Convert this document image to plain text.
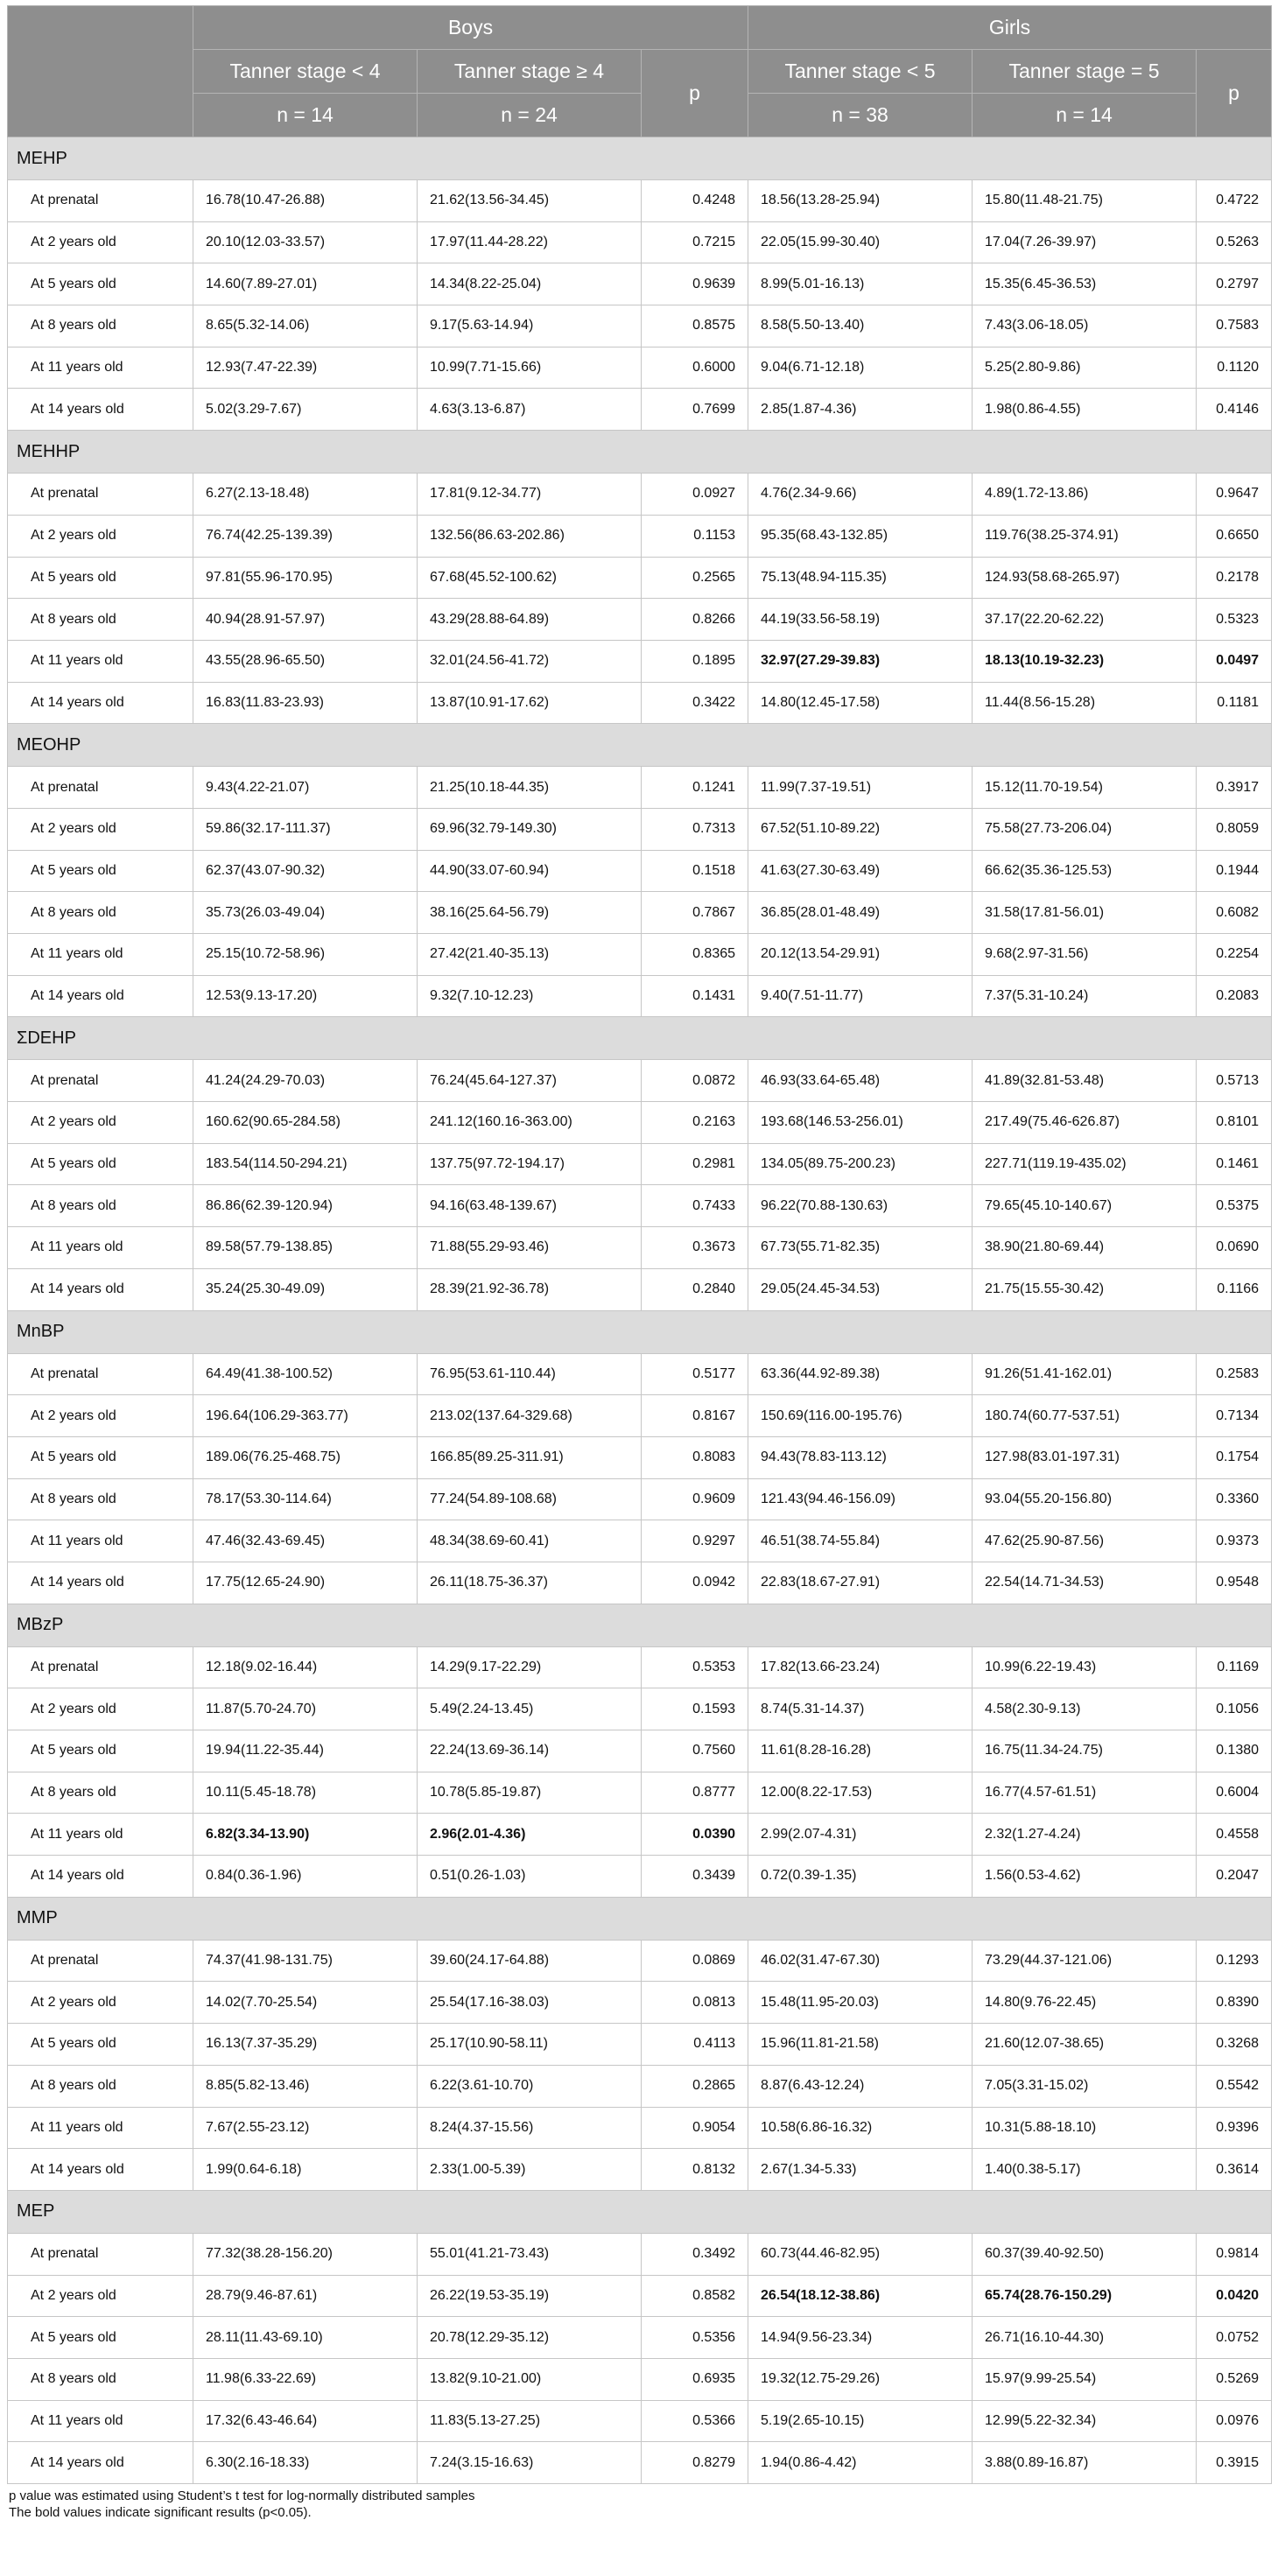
	Boys			Girls		
	Tanner stage < 4	Tanner stage ≥ 4	p	Tanner stage < 5	Tanner stage = 5	p
	n = 14	n = 24		n = 38	n = 14	
MEHP						
At prenatal	16.78(10.47-26.88)	21.62(13.56-34.45)	0.4248	18.56(13.28-25.94)	15.80(11.48-21.75)	0.4722
At 2 years old	20.10(12.03-33.57)	17.97(11.44-28.22)	0.7215	22.05(15.99-30.40)	17.04(7.26-39.97)	0.5263
At 5 years old	14.60(7.89-27.01)	14.34(8.22-25.04)	0.9639	8.99(5.01-16.13)	15.35(6.45-36.53)	0.2797
At 8 years old	8.65(5.32-14.06)	9.17(5.63-14.94)	0.8575	8.58(5.50-13.40)	7.43(3.06-18.05)	0.7583
At 11 years old	12.93(7.47-22.39)	10.99(7.71-15.66)	0.6000	9.04(6.71-12.18)	5.25(2.80-9.86)	0.1120
At 14 years old	5.02(3.29-7.67)	4.63(3.13-6.87)	0.7699	2.85(1.87-4.36)	1.98(0.86-4.55)	0.4146
MEHHP						
At prenatal	6.27(2.13-18.48)	17.81(9.12-34.77)	0.0927	4.76(2.34-9.66)	4.89(1.72-13.86)	0.9647
At 2 years old	76.74(42.25-139.39)	132.56(86.63-202.86)	0.1153	95.35(68.43-132.85)	119.76(38.25-374.91)	0.6650
At 5 years old	97.81(55.96-170.95)	67.68(45.52-100.62)	0.2565	75.13(48.94-115.35)	124.93(58.68-265.97)	0.2178
At 8 years old	40.94(28.91-57.97)	43.29(28.88-64.89)	0.8266	44.19(33.56-58.19)	37.17(22.20-62.22)	0.5323
At 11 years old	43.55(28.96-65.50)	32.01(24.56-41.72)	0.1895	32.97(27.29-39.83)	18.13(10.19-32.23)	0.0497
At 14 years old	16.83(11.83-23.93)	13.87(10.91-17.62)	0.3422	14.80(12.45-17.58)	11.44(8.56-15.28)	0.1181
MEOHP						
At prenatal	9.43(4.22-21.07)	21.25(10.18-44.35)	0.1241	11.99(7.37-19.51)	15.12(11.70-19.54)	0.3917
At 2 years old	59.86(32.17-111.37)	69.96(32.79-149.30)	0.7313	67.52(51.10-89.22)	75.58(27.73-206.04)	0.8059
At 5 years old	62.37(43.07-90.32)	44.90(33.07-60.94)	0.1518	41.63(27.30-63.49)	66.62(35.36-125.53)	0.1944
At 8 years old	35.73(26.03-49.04)	38.16(25.64-56.79)	0.7867	36.85(28.01-48.49)	31.58(17.81-56.01)	0.6082
At 11 years old	25.15(10.72-58.96)	27.42(21.40-35.13)	0.8365	20.12(13.54-29.91)	9.68(2.97-31.56)	0.2254
At 14 years old	12.53(9.13-17.20)	9.32(7.10-12.23)	0.1431	9.40(7.51-11.77)	7.37(5.31-10.24)	0.2083
ΣDEHP						
At prenatal	41.24(24.29-70.03)	76.24(45.64-127.37)	0.0872	46.93(33.64-65.48)	41.89(32.81-53.48)	0.5713
At 2 years old	160.62(90.65-284.58)	241.12(160.16-363.00)	0.2163	193.68(146.53-256.01)	217.49(75.46-626.87)	0.8101
At 5 years old	183.54(114.50-294.21)	137.75(97.72-194.17)	0.2981	134.05(89.75-200.23)	227.71(119.19-435.02)	0.1461
At 8 years old	86.86(62.39-120.94)	94.16(63.48-139.67)	0.7433	96.22(70.88-130.63)	79.65(45.10-140.67)	0.5375
At 11 years old	89.58(57.79-138.85)	71.88(55.29-93.46)	0.3673	67.73(55.71-82.35)	38.90(21.80-69.44)	0.0690
At 14 years old	35.24(25.30-49.09)	28.39(21.92-36.78)	0.2840	29.05(24.45-34.53)	21.75(15.55-30.42)	0.1166
MnBP						
At prenatal	64.49(41.38-100.52)	76.95(53.61-110.44)	0.5177	63.36(44.92-89.38)	91.26(51.41-162.01)	0.2583
At 2 years old	196.64(106.29-363.77)	213.02(137.64-329.68)	0.8167	150.69(116.00-195.76)	180.74(60.77-537.51)	0.7134
At 5 years old	189.06(76.25-468.75)	166.85(89.25-311.91)	0.8083	94.43(78.83-113.12)	127.98(83.01-197.31)	0.1754
At 8 years old	78.17(53.30-114.64)	77.24(54.89-108.68)	0.9609	121.43(94.46-156.09)	93.04(55.20-156.80)	0.3360
At 11 years old	47.46(32.43-69.45)	48.34(38.69-60.41)	0.9297	46.51(38.74-55.84)	47.62(25.90-87.56)	0.9373
At 14 years old	17.75(12.65-24.90)	26.11(18.75-36.37)	0.0942	22.83(18.67-27.91)	22.54(14.71-34.53)	0.9548
MBzP						
At prenatal	12.18(9.02-16.44)	14.29(9.17-22.29)	0.5353	17.82(13.66-23.24)	10.99(6.22-19.43)	0.1169
At 2 years old	11.87(5.70-24.70)	5.49(2.24-13.45)	0.1593	8.74(5.31-14.37)	4.58(2.30-9.13)	0.1056
At 5 years old	19.94(11.22-35.44)	22.24(13.69-36.14)	0.7560	11.61(8.28-16.28)	16.75(11.34-24.75)	0.1380
At 8 years old	10.11(5.45-18.78)	10.78(5.85-19.87)	0.8777	12.00(8.22-17.53)	16.77(4.57-61.51)	0.6004
At 11 years old	6.82(3.34-13.90)	2.96(2.01-4.36)	0.0390	2.99(2.07-4.31)	2.32(1.27-4.24)	0.4558
At 14 years old	0.84(0.36-1.96)	0.51(0.26-1.03)	0.3439	0.72(0.39-1.35)	1.56(0.53-4.62)	0.2047
MMP						
At prenatal	74.37(41.98-131.75)	39.60(24.17-64.88)	0.0869	46.02(31.47-67.30)	73.29(44.37-121.06)	0.1293
At 2 years old	14.02(7.70-25.54)	25.54(17.16-38.03)	0.0813	15.48(11.95-20.03)	14.80(9.76-22.45)	0.8390
At 5 years old	16.13(7.37-35.29)	25.17(10.90-58.11)	0.4113	15.96(11.81-21.58)	21.60(12.07-38.65)	0.3268
At 8 years old	8.85(5.82-13.46)	6.22(3.61-10.70)	0.2865	8.87(6.43-12.24)	7.05(3.31-15.02)	0.5542
At 11 years old	7.67(2.55-23.12)	8.24(4.37-15.56)	0.9054	10.58(6.86-16.32)	10.31(5.88-18.10)	0.9396
At 14 years old	1.99(0.64-6.18)	2.33(1.00-5.39)	0.8132	2.67(1.34-5.33)	1.40(0.38-5.17)	0.3614
MEP						
At prenatal	77.32(38.28-156.20)	55.01(41.21-73.43)	0.3492	60.73(44.46-82.95)	60.37(39.40-92.50)	0.9814
At 2 years old	28.79(9.46-87.61)	26.22(19.53-35.19)	0.8582	26.54(18.12-38.86)	65.74(28.76-150.29)	0.0420
At 5 years old	28.11(11.43-69.10)	20.78(12.29-35.12)	0.5356	14.94(9.56-23.34)	26.71(16.10-44.30)	0.0752
At 8 years old	11.98(6.33-22.69)	13.82(9.10-21.00)	0.6935	19.32(12.75-29.26)	15.97(9.99-25.54)	0.5269
At 11 years old	17.32(6.43-46.64)	11.83(5.13-27.25)	0.5366	5.19(2.65-10.15)	12.99(5.22-32.34)	0.0976
At 14 years old	6.30(2.16-18.33)	7.24(3.15-16.63)	0.8279	1.94(0.86-4.42)	3.88(0.89-16.87)	0.3915
p value was estimated using Student’s t test for log-normally distributed samples
The bold values indicate significant results (p<0.05).
